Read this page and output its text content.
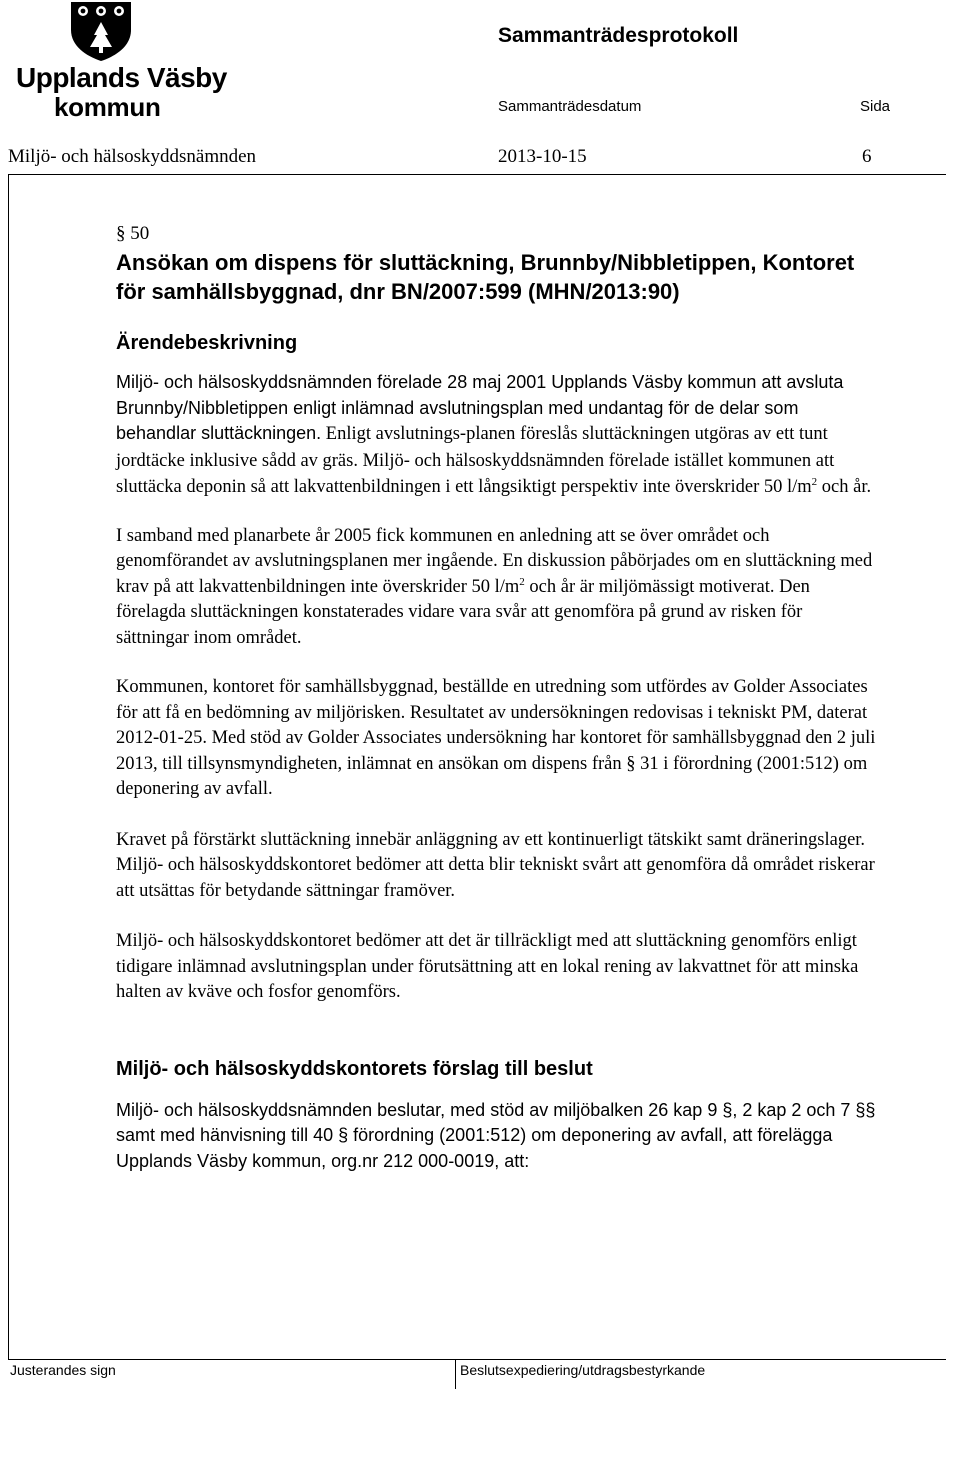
Upplands Väsby
kommun
Sammanträdesprotokoll
Sammanträdesdatum	Sida
Miljö- och hälsoskyddsnämnden	2013-10-15	6

§ 50

Ansökan om dispens för sluttäckning, Brunnby/Nibbletippen, Kontoret för samhällsbyggnad, dnr BN/2007:599 (MHN/2013:90)

Ärendebeskrivning

Miljö- och hälsoskyddsnämnden förelade 28 maj 2001 Upplands Väsby kommun att avsluta Brunnby/Nibbletippen enligt inlämnad avslutningsplan med undantag för de delar som behandlar sluttäckningen. Enligt avslutnings-planen föreslås sluttäckningen utgöras av ett tunt jordtäcke inklusive sådd av gräs. Miljö- och hälsoskyddsnämnden förelade istället kommunen att sluttäcka deponin så att lakvattenbildningen i ett långsiktigt perspektiv inte överskrider 50 $l/m^2$ och år.

I samband med planarbete år 2005 fick kommunen en anledning att se över området och genomförandet av avslutningsplanen mer ingående. En diskussion påbörjades om en sluttäckning med krav på att lakvattenbildningen inte överskrider 50 $l/m^2$ och år är miljömässigt motiverat. Den förelagda sluttäckningen konstaterades vidare vara svår att genomföra på grund av risken för sättningar inom området.

Kommunen, kontoret för samhällsbyggnad, beställde en utredning som utfördes av Golder Associates för att få en bedömning av miljörisken. Resultatet av undersökningen redovisas i tekniskt PM, daterat 2012-01-25. Med stöd av Golder Associates undersökning har kontoret för samhällsbyggnad den 2 juli 2013, till tillsynsmyndigheten, inlämnat en ansökan om dispens från § 31 i förordning (2001:512) om deponering av avfall.

Kravet på förstärkt sluttäckning innebär anläggning av ett kontinuerligt tätskikt samt dräneringslager. Miljö- och hälsoskyddskontoret bedömer att detta blir tekniskt svårt att genomföra då området riskerar att utsättas för betydande sättningar framöver.

Miljö- och hälsoskyddskontoret bedömer att det är tillräckligt med att sluttäckning genomförs enligt tidigare inlämnad avslutningsplan under förutsättning att en lokal rening av lakvattnet för att minska halten av kväve och fosfor genomförs.

Miljö- och hälsoskyddskontorets förslag till beslut

Miljö- och hälsoskyddsnämnden beslutar, med stöd av miljöbalken 26 kap 9 §, 2 kap 2 och 7 §§ samt med hänvisning till 40 § förordning (2001:512) om deponering av avfall, att förelägga Upplands Väsby kommun, org.nr 212 000-0019, att:

Justerandes sign	Beslutsexpediering/utdragsbestyrkande
